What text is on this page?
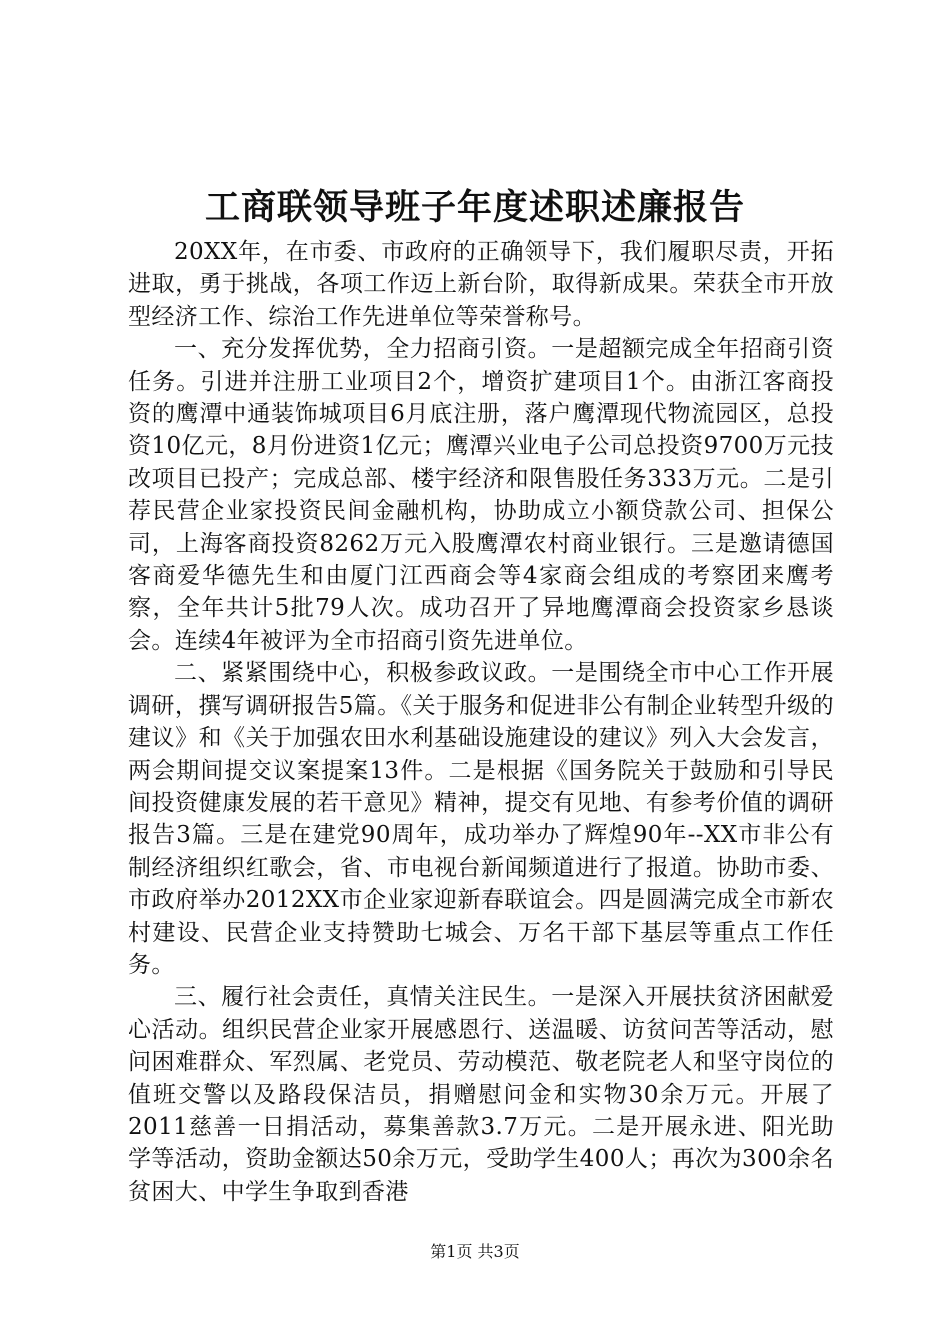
工商联领导班子年度述职述廉报告

20XX年，在市委、市政府的正确领导下，我们履职尽责，开拓进取，勇于挑战，各项工作迈上新台阶，取得新成果。荣获全市开放型经济工作、综治工作先进单位等荣誉称号。

一、充分发挥优势，全力招商引资。一是超额完成全年招商引资任务。引进并注册工业项目2个，增资扩建项目1个。由浙江客商投资的鹰潭中通装饰城项目6月底注册，落户鹰潭现代物流园区，总投资10亿元，8月份进资1亿元；鹰潭兴业电子公司总投资9700万元技改项目已投产；完成总部、楼宇经济和限售股任务333万元。二是引荐民营企业家投资民间金融机构，协助成立小额贷款公司、担保公司，上海客商投资8262万元入股鹰潭农村商业银行。三是邀请德国客商爱华德先生和由厦门江西商会等4家商会组成的考察团来鹰考察，全年共计5批79人次。成功召开了异地鹰潭商会投资家乡恳谈会。连续4年被评为全市招商引资先进单位。

二、紧紧围绕中心，积极参政议政。一是围绕全市中心工作开展调研，撰写调研报告5篇。《关于服务和促进非公有制企业转型升级的建议》和《关于加强农田水利基础设施建设的建议》列入大会发言，两会期间提交议案提案13件。二是根据《国务院关于鼓励和引导民间投资健康发展的若干意见》精神，提交有见地、有参考价值的调研报告3篇。三是在建党90周年，成功举办了辉煌90年--XX市非公有制经济组织红歌会，省、市电视台新闻频道进行了报道。协助市委、市政府举办2012XX市企业家迎新春联谊会。四是圆满完成全市新农村建设、民营企业支持赞助七城会、万名干部下基层等重点工作任务。

三、履行社会责任，真情关注民生。一是深入开展扶贫济困献爱心活动。组织民营企业家开展感恩行、送温暖、访贫问苦等活动，慰问困难群众、军烈属、老党员、劳动模范、敬老院老人和坚守岗位的值班交警以及路段保洁员，捐赠慰问金和实物30余万元。开展了2011慈善一日捐活动，募集善款3.7万元。二是开展永进、阳光助学等活动，资助金额达50余万元，受助学生400人；再次为300余名贫困大、中学生争取到香港

第1页 共3页
